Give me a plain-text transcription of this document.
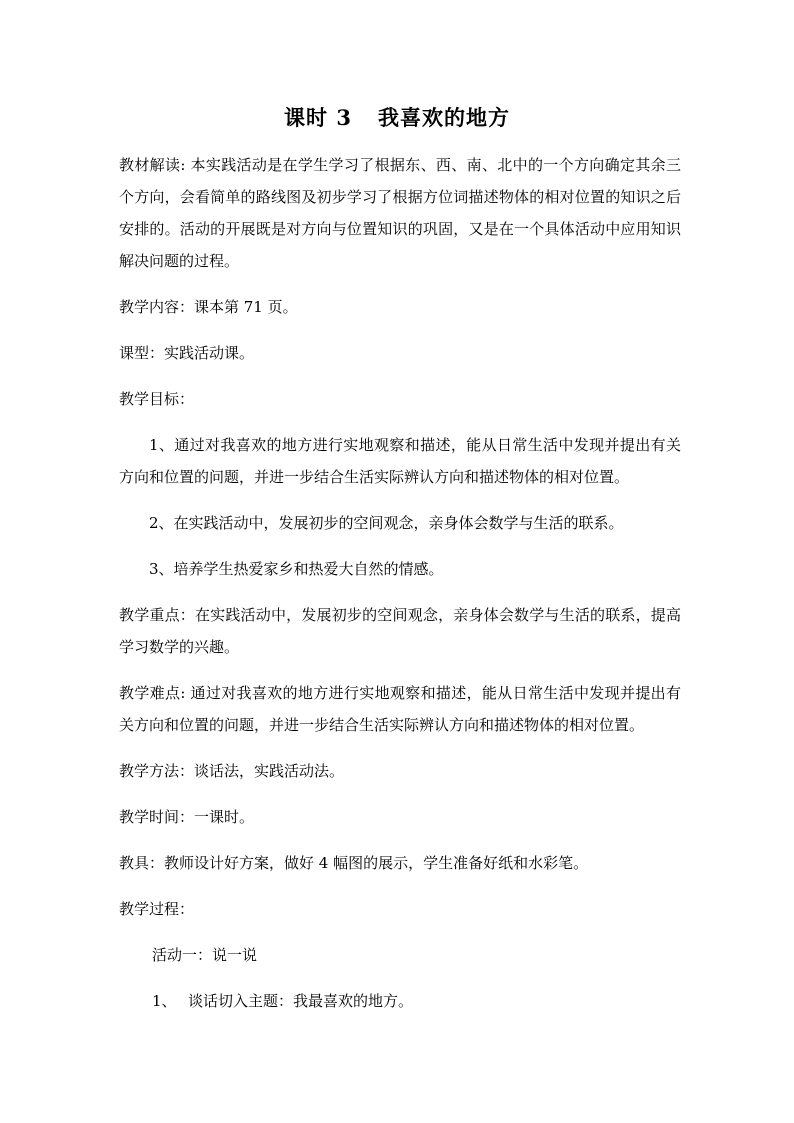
课时 3 我喜欢的地方

教材解读: 本实践活动是在学生学习了根据东、西、南、北中的一个方向确定其余三个方向，会看简单的路线图及初步学习了根据方位词描述物体的相对位置的知识之后安排的。活动的开展既是对方向与位置知识的巩固，又是在一个具体活动中应用知识解决问题的过程。

教学内容：课本第 71 页。

课型：实践活动课。

教学目标：

1、通过对我喜欢的地方进行实地观察和描述，能从日常生活中发现并提出有关方向和位置的问题，并进一步结合生活实际辨认方向和描述物体的相对位置。

2、在实践活动中，发展初步的空间观念，亲身体会数学与生活的联系。

3、培养学生热爱家乡和热爱大自然的情感。

教学重点：在实践活动中，发展初步的空间观念，亲身体会数学与生活的联系，提高学习数学的兴趣。

教学难点: 通过对我喜欢的地方进行实地观察和描述，能从日常生活中发现并提出有关方向和位置的问题，并进一步结合生活实际辨认方向和描述物体的相对位置。

教学方法：谈话法，实践活动法。

教学时间：一课时。

教具：教师设计好方案，做好 4 幅图的展示，学生准备好纸和水彩笔。

教学过程：

活动一：说一说

1、 谈话切入主题：我最喜欢的地方。
